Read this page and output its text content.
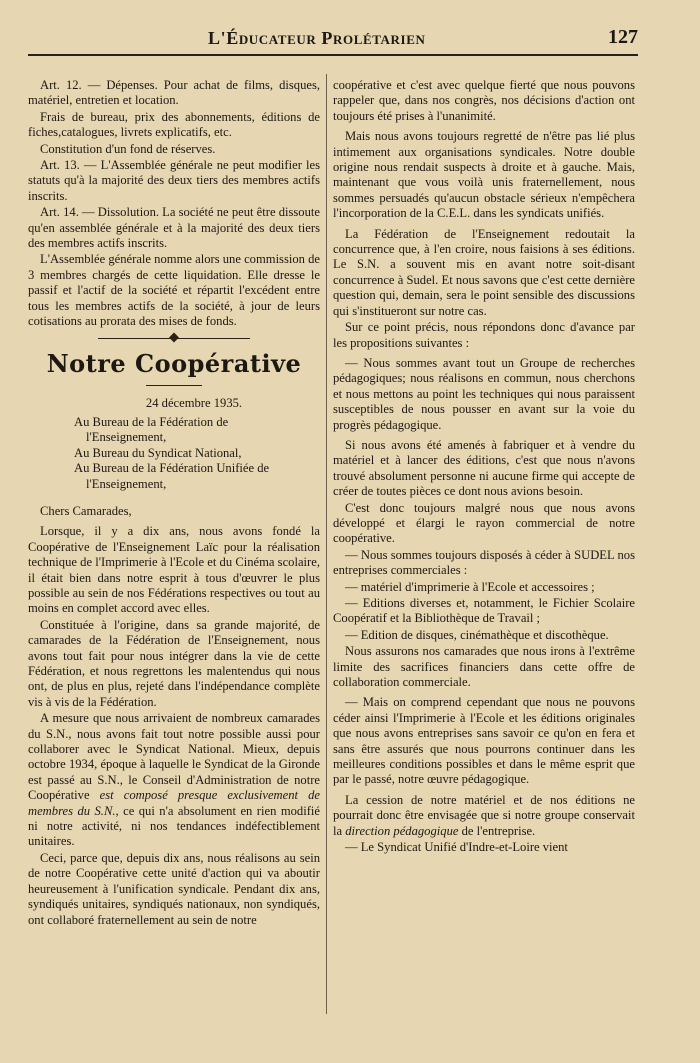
L'Éducateur Prolétarien	127

Art. 12. — Dépenses. Pour achat de films, disques, matériel, entretien et location.

Frais de bureau, prix des abonnements, éditions de fiches,catalogues, livrets explicatifs, etc.

Constitution d'un fond de réserves.

Art. 13. — L'Assemblée générale ne peut modifier les statuts qu'à la majorité des deux tiers des membres actifs inscrits.

Art. 14. — Dissolution. La société ne peut être dissoute qu'en assemblée générale et à la majorité des deux tiers des membres actifs inscrits.

L'Assemblée générale nomme alors une commission de 3 membres chargés de cette liquidation. Elle dresse le passif et l'actif de la société et répartit l'excédent entre tous les membres actifs de la société, à jour de leurs cotisations au prorata des mises de fonds.

Notre Coopérative

24 décembre 1935.

Au Bureau de la Fédération de
l'Enseignement,
Au Bureau du Syndicat National,
Au Bureau de la Fédération Unifiée de
l'Enseignement,

Chers Camarades,

Lorsque, il y a dix ans, nous avons fondé la Coopérative de l'Enseignement Laïc pour la réalisation technique de l'Imprimerie à l'Ecole et du Cinéma scolaire, il était bien dans notre esprit à tous d'œuvrer le plus possible au sein de nos Fédérations respectives ou tout au moins en complet accord avec elles.

Constituée à l'origine, dans sa grande majorité, de camarades de la Fédération de l'Enseignement, nous avons tout fait pour nous intégrer dans la vie de cette Fédération, et nous regrettons les malentendus qui nous ont, de plus en plus, rejeté dans l'indépendance complète vis à vis de la Fédération.

A mesure que nous arrivaient de nombreux camarades du S.N., nous avons fait tout notre possible aussi pour collaborer avec le Syndicat National. Mieux, depuis octobre 1934, époque à laquelle le Syndicat de la Gironde est passé au S.N., le Conseil d'Administration de notre Coopérative est composé presque exclusivement de membres du S.N., ce qui n'a absolument en rien modifié ni notre activité, ni nos tendances indéfectiblement unitaires.

Ceci, parce que, depuis dix ans, nous réalisons au sein de notre Coopérative cette unité d'action qui va aboutir heureusement à l'unification syndicale. Pendant dix ans, syndiqués unitaires, syndiqués nationaux, non syndiqués, ont collaboré fraternellement au sein de notre

coopérative et c'est avec quelque fierté que nous pouvons rappeler que, dans nos congrès, nos décisions d'action ont toujours été prises à l'unanimité.

Mais nous avons toujours regretté de n'être pas lié plus intimement aux organisations syndicales. Notre double origine nous rendait suspects à droite et à gauche. Mais, maintenant que vous voilà unis fraternellement, nous sommes persuadés qu'aucun obstacle sérieux n'empêchera l'incorporation de la C.E.L. dans les syndicats unifiés.

La Fédération de l'Enseignement redoutait la concurrence que, à l'en croire, nous faisions à ses éditions. Le S.N. a souvent mis en avant notre soit-disant concurrence à Sudel. Et nous savons que c'est cette dernière question qui, demain, sera le point sensible des discussions qui s'institueront sur notre cas.

Sur ce point précis, nous répondons donc d'avance par les propositions suivantes :

— Nous sommes avant tout un Groupe de recherches pédagogiques; nous réalisons en commun, nous cherchons et nous mettons au point les techniques qui nous paraissent susceptibles de nous pousser en avant sur la voie du progrès pédagogique.

Si nous avons été amenés à fabriquer et à vendre du matériel et à lancer des éditions, c'est que nous n'avons trouvé absolument personne ni aucune firme qui accepte de créer de toutes pièces ce dont nous avions besoin.

C'est donc toujours malgré nous que nous avons développé et élargi le rayon commercial de notre coopérative.

— Nous sommes toujours disposés à céder à SUDEL nos entreprises commerciales :

— matériel d'imprimerie à l'Ecole et accessoires ;

— Editions diverses et, notamment, le Fichier Scolaire Coopératif et la Bibliothèque de Travail ;

— Edition de disques, cinémathèque et discothèque.

Nous assurons nos camarades que nous irons à l'extrême limite des sacrifices financiers dans cette offre de collaboration commerciale.

— Mais on comprend cependant que nous ne pouvons céder ainsi l'Imprimerie à l'Ecole et les éditions originales que nous avons entreprises sans savoir ce qu'on en fera et sans être assurés que nous pourrons continuer dans les meilleures conditions possibles et dans le même esprit que par le passé, notre œuvre pédagogique.

La cession de notre matériel et de nos éditions ne pourrait donc être envisagée que si notre groupe conservait la direction pédagogique de l'entreprise.

— Le Syndicat Unifié d'Indre-et-Loire vient
